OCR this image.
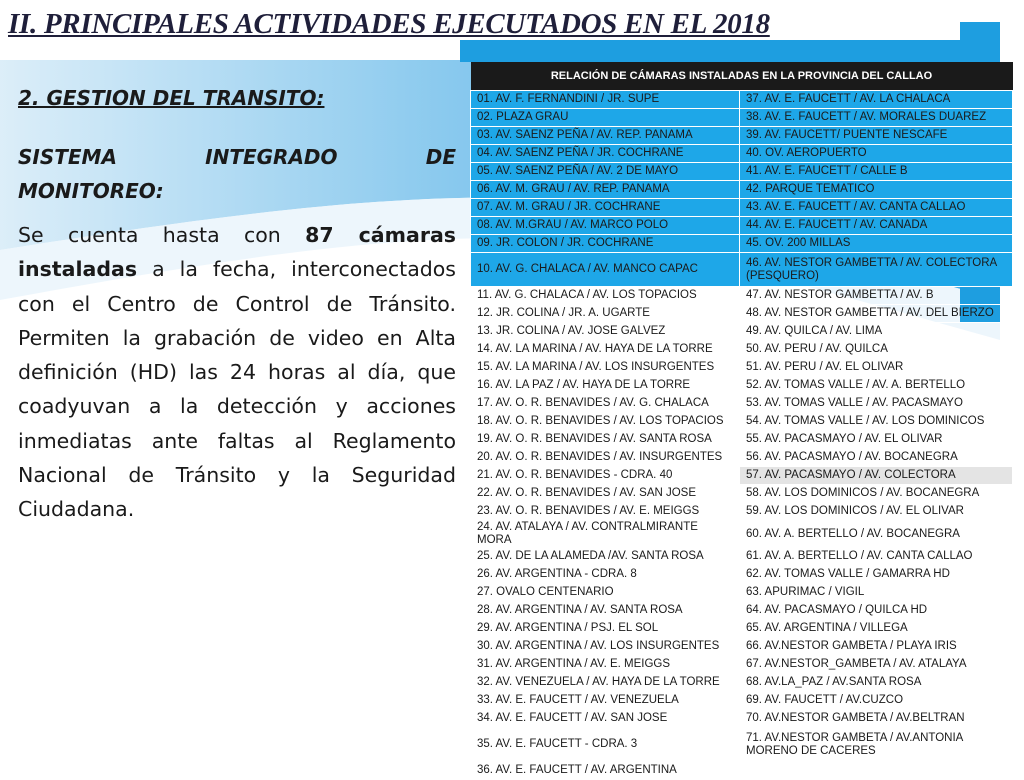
II. PRINCIPALES ACTIVIDADES EJECUTADOS EN EL 2018
2. GESTION DEL TRANSITO:
SISTEMA	INTEGRADO	DE
MONITOREO:

Se cuenta hasta con 87 cámaras instaladas a la fecha, interconectados con el Centro de Control de Tránsito. Permiten la grabación de video en Alta definición (HD) las 24 horas al día, que coadyuvan a la detección y acciones inmediatas ante faltas al Reglamento Nacional de Tránsito y la Seguridad Ciudadana.

RELACIÓN DE CÁMARAS INSTALADAS EN LA PROVINCIA DEL CALLAO	
01. AV. F. FERNANDINI / JR. SUPE	37. AV. E. FAUCETT / AV. LA CHALACA
02. PLAZA GRAU	38. AV. E. FAUCETT / AV. MORALES DUAREZ
03. AV. SAENZ PEÑA / AV. REP. PANAMA	39. AV. FAUCETT/ PUENTE NESCAFE
04. AV. SAENZ PEÑA / JR. COCHRANE	40. OV. AEROPUERTO
05. AV. SAENZ PEÑA / AV. 2 DE MAYO	41. AV. E. FAUCETT / CALLE B
06. AV. M. GRAU / AV. REP. PANAMA	42. PARQUE TEMATICO
07. AV. M. GRAU / JR. COCHRANE	43. AV. E. FAUCETT / AV. CANTA CALLAO
08. AV. M.GRAU / AV. MARCO POLO	44. AV. E. FAUCETT / AV. CANADA
09. JR. COLON / JR. COCHRANE	45. OV. 200 MILLAS
10. AV. G. CHALACA / AV. MANCO CAPAC	46. AV. NESTOR GAMBETTA / AV. COLECTORA (PESQUERO)
11. AV. G. CHALACA / AV. LOS TOPACIOS	47. AV. NESTOR GAMBETTA / AV. B
12. JR. COLINA / JR. A. UGARTE	48. AV. NESTOR GAMBETTA / AV. DEL BIERZO
13. JR. COLINA / AV. JOSE GALVEZ	49. AV. QUILCA / AV. LIMA
14. AV. LA MARINA / AV. HAYA DE LA TORRE	50. AV. PERU / AV. QUILCA
15. AV. LA MARINA / AV. LOS INSURGENTES	51. AV. PERU / AV. EL OLIVAR
16. AV. LA PAZ / AV. HAYA DE LA TORRE	52. AV. TOMAS VALLE / AV. A. BERTELLO
17. AV. O. R. BENAVIDES / AV. G. CHALACA	53. AV. TOMAS VALLE / AV. PACASMAYO
18. AV. O. R. BENAVIDES / AV. LOS TOPACIOS	54. AV. TOMAS VALLE / AV. LOS DOMINICOS
19. AV. O. R. BENAVIDES / AV. SANTA ROSA	55. AV. PACASMAYO / AV. EL OLIVAR
20. AV. O. R. BENAVIDES / AV. INSURGENTES	56. AV. PACASMAYO / AV. BOCANEGRA
21. AV. O. R. BENAVIDES - CDRA. 40	57. AV. PACASMAYO / AV. COLECTORA
22. AV. O. R. BENAVIDES / AV. SAN JOSE	58. AV. LOS DOMINICOS / AV. BOCANEGRA
23. AV. O. R. BENAVIDES / AV. E. MEIGGS	59. AV. LOS DOMINICOS / AV. EL OLIVAR
24. AV. ATALAYA / AV. CONTRALMIRANTE MORA	60. AV. A. BERTELLO / AV. BOCANEGRA
25. AV. DE LA ALAMEDA /AV. SANTA ROSA	61. AV. A. BERTELLO / AV. CANTA CALLAO
26. AV. ARGENTINA - CDRA. 8	62. AV. TOMAS VALLE / GAMARRA HD
27. OVALO CENTENARIO	63. APURIMAC / VIGIL
28. AV. ARGENTINA / AV. SANTA ROSA	64. AV. PACASMAYO / QUILCA HD
29. AV. ARGENTINA / PSJ. EL SOL	65. AV. ARGENTINA / VILLEGA
30. AV. ARGENTINA / AV. LOS INSURGENTES	66. AV.NESTOR GAMBETA / PLAYA IRIS
31. AV. ARGENTINA / AV. E. MEIGGS	67. AV.NESTOR_GAMBETA / AV. ATALAYA
32. AV. VENEZUELA / AV. HAYA DE LA TORRE	68. AV.LA_PAZ / AV.SANTA ROSA
33. AV. E. FAUCETT / AV. VENEZUELA	69. AV. FAUCETT / AV.CUZCO
34. AV. E. FAUCETT / AV. SAN JOSE	70. AV.NESTOR GAMBETA / AV.BELTRAN
35. AV. E. FAUCETT - CDRA. 3	71. AV.NESTOR GAMBETA / AV.ANTONIA MORENO DE CACERES
36. AV. E. FAUCETT / AV. ARGENTINA	
